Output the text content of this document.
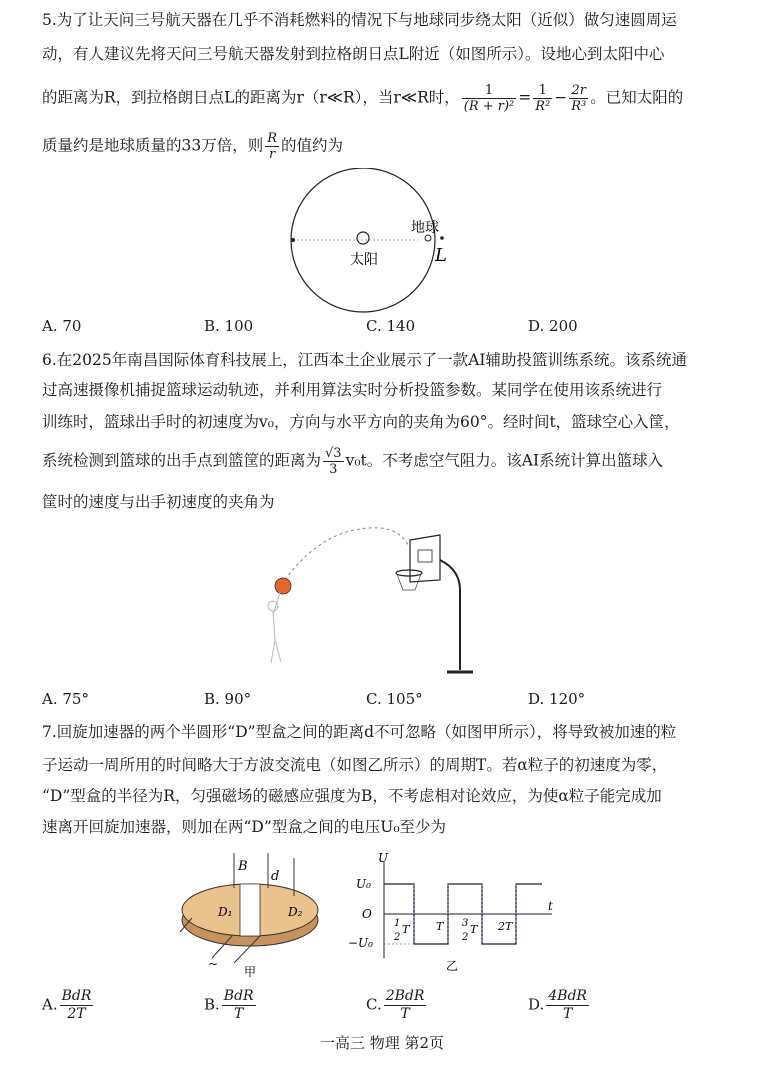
5.为了让天问三号航天器在几乎不消耗燃料的情况下与地球同步绕太阳（近似）做匀速圆周运
动，有人建议先将天问三号航天器发射到拉格朗日点L附近（如图所示）。设地心到太阳中心
的距离为R，到拉格朗日点L的距离为r（r≪R），当r≪R时， $\frac{1}{\text{(R + r)²}} = \frac{1}{\text{R²}} - \frac{2r}{\text{R³}}$ 。已知太阳的
质量约是地球质量的33万倍，则 $\frac{R}{r}$ 的值约为
太阳
地球
L
A. 70	B. 100	C. 140	D. 200
6.在2025年南昌国际体育科技展上，江西本土企业展示了一款AI辅助投篮训练系统。该系统通
过高速摄像机捕捉篮球运动轨迹，并利用算法实时分析投篮参数。某同学在使用该系统进行
训练时，篮球出手时的初速度为v₀，方向与水平方向的夹角为60°。经时间t，篮球空心入筐，
系统检测到篮球的出手点到篮筐的距离为 $\frac{√3}{3} v_0t$。不考虑空气阻力。该AI系统计算出篮球入
筐时的速度与出手初速度的夹角为
A. 75°	B. 90°	C. 105°	D. 120°
7.回旋加速器的两个半圆形“D”型盒之间的距离d不可忽略（如图甲所示），将导致被加速的粒
子运动一周所用的时间略大于方波交流电（如图乙所示）的周期T。若α粒子的初速度为零，
“D”型盒的半径为R，匀强磁场的磁感应强度为B，不考虑相对论效应，为使α粒子能完成加
速离开回旋加速器，则加在两“D”型盒之间的电压U₀至少为
B
d
D₁	D₂
~
甲
U
t
U₀
O
−U₀
1
2
T T 3
2
T 2T
乙
A. $\frac{\text{BdR}}{2T}$	B. $\frac{\text{BdR}}{T}$	C. $\frac{\text{2BdR}}{T}$	D. $\frac{\text{4BdR}}{T}$
一高三 物理 第2页
